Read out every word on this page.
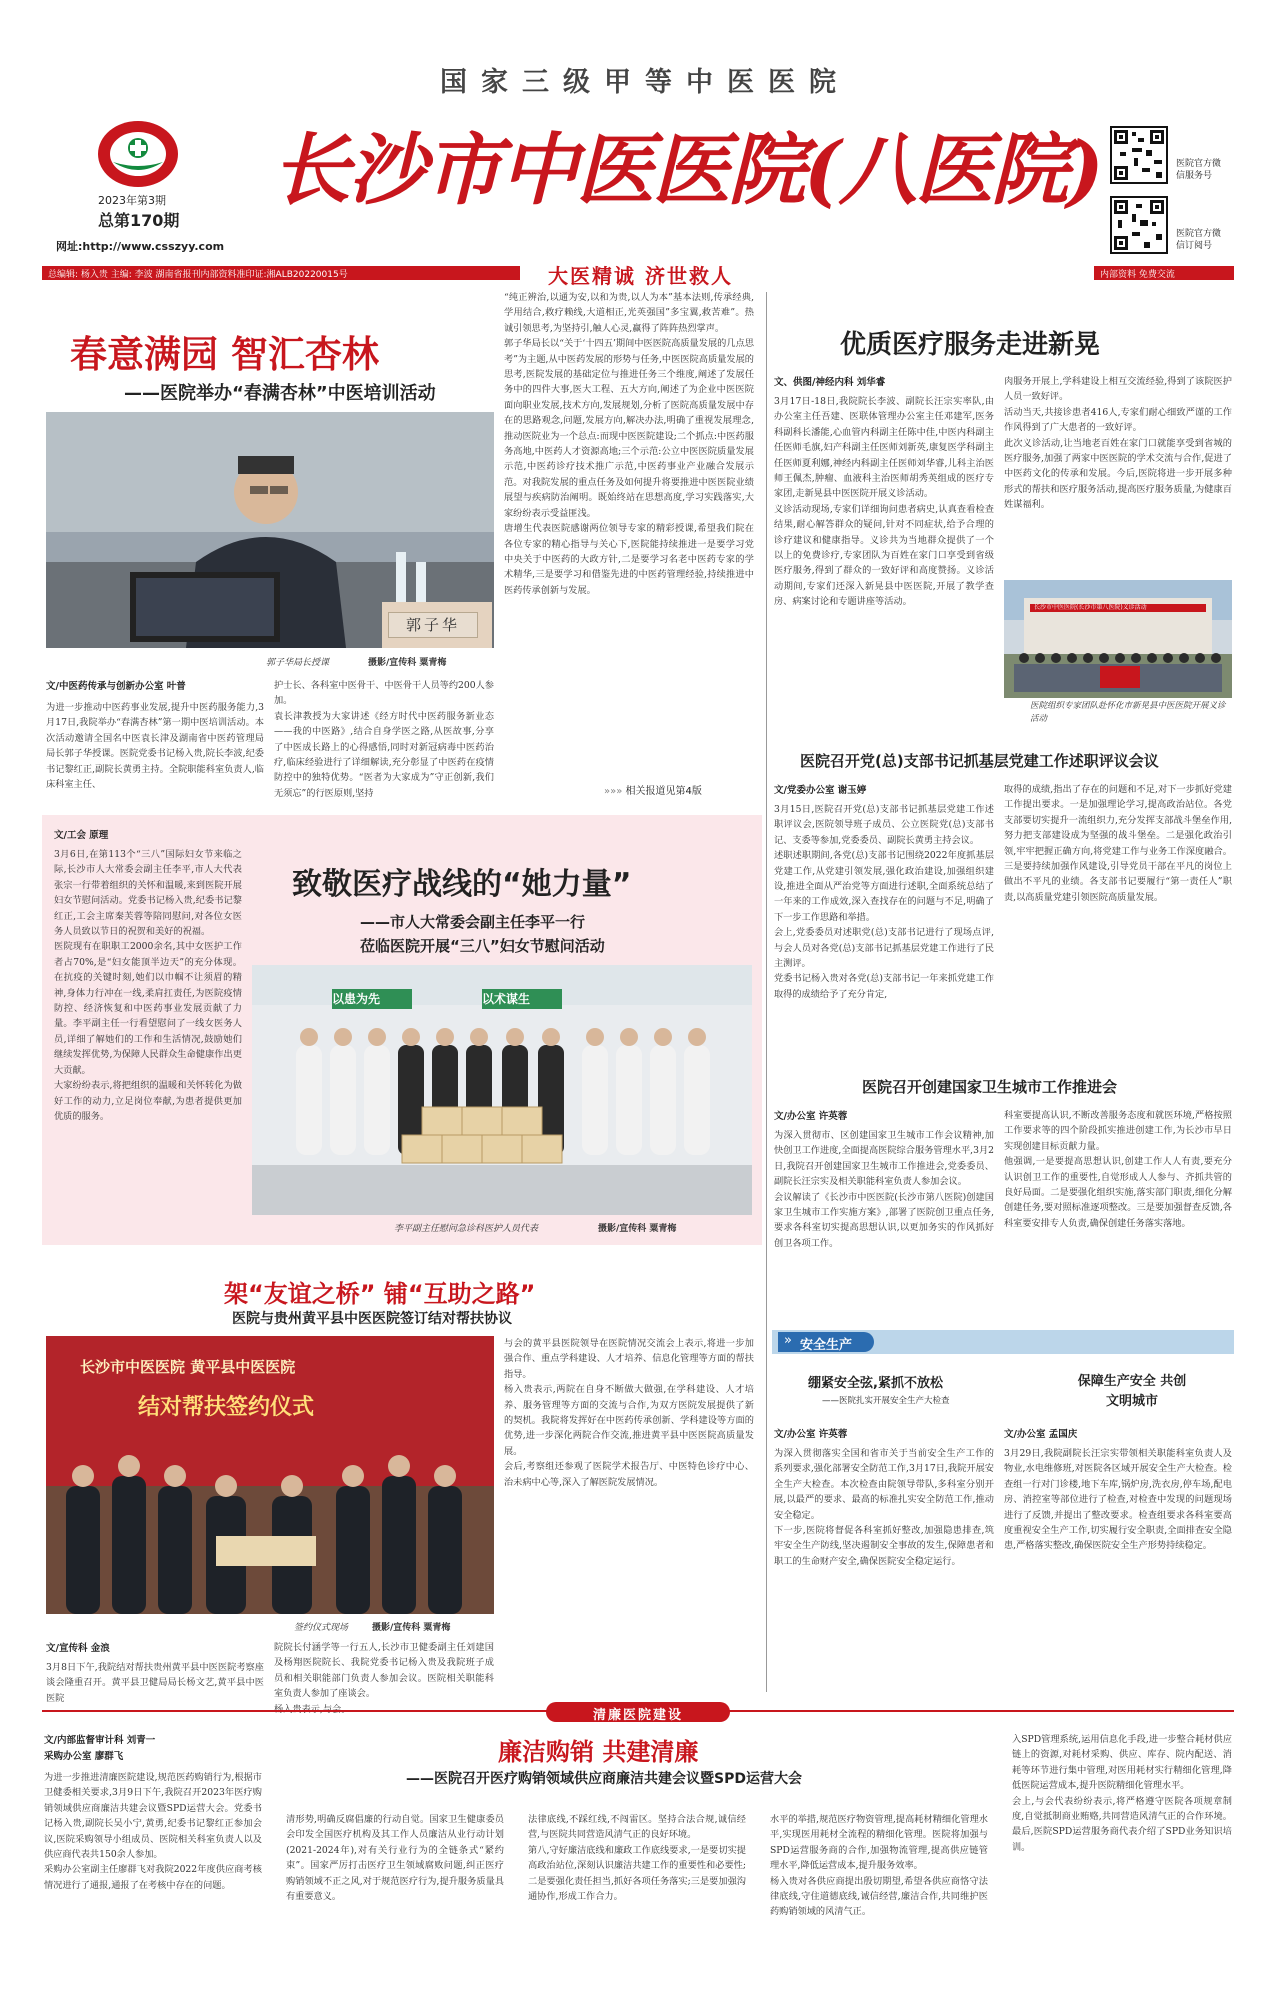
国家三级甲等中医医院
2023年第3期
总第170期
网址:http://www.csszyy.com
长沙市中医医院(八医院)
大医精诚 济世救人
医院官方微信服务号
医院官方微信订阅号
总编辑: 杨入贵 主编: 李波 湖南省报刊内部资料准印证:湘ALB20220015号	内部资料 免费交流
春意满园 智汇杏林
——医院举办“春满杏林”中医培训活动
郭子华
郭子华局长授课	摄影/宣传科 粟青梅
文/中医药传承与创新办公室 叶普
为进一步推动中医药事业发展,提升中医药服务能力,3月17日,我院举办“春满杏林”第一期中医培训活动。本次活动邀请全国名中医袁长津及湖南省中医药管理局局长郭子华授课。医院党委书记杨入贵,院长李波,纪委书记黎红正,副院长黄勇主持。全院职能科室负责人,临床科室主任、
护士长、各科室中医骨干、中医骨干人员等约200人参加。
袁长津教授为大家讲述《经方时代中医药服务新业态——我的中医路》,结合自身学医之路,从医故事,分享了中医成长路上的心得感悟,同时对新冠病毒中医药治疗,临床经验进行了详细解读,充分彰显了中医药在疫情防控中的独特优势。“医者为大家成为”守正创新,我们无须忘”的行医原则,坚持
“纯正辨治,以通为安,以和为贵,以人为本”基本法则,传承经典,学用结合,救疗赖线,大道相正,光英强国”多宝翼,救苦难”。热诚引领思考,为坚持引,触人心灵,赢得了阵阵热烈掌声。
郭子华局长以“关于‘十四五’期间中医医院高质量发展的几点思考”为主题,从中医药发展的形势与任务,中医医院高质量发展的思考,医院发展的基础定位与推进任务三个维度,阐述了发展任务中的四件大事,医大工程、五大方向,阐述了为企业中医医院面向职业发展,技术方向,发展规划,分析了医院高质量发展中存在的思路观念,问题,发展方向,解决办法,明确了重视发展理念,推动医院业为一个总点:而现中医医院建设;二个抓点:中医药服务高地,中医药人才资源高地;三个示范:公立中医医院质量发展示范,中医药诊疗技术推广示范,中医药事业产业融合发展示范。对我院发展的重点任务及如何提升将要推进中医医院业绩展望与疾病防治阐明。既始终站在思想高度,学习实践落实,大家纷纷表示受益匪浅。
唐增生代表医院感谢两位领导专家的精彩授课,希望我们院在各位专家的精心指导与关心下,医院能持续推进一是要学习党中央关于中医药的大政方针,二是要学习名老中医药专家的学术精华,三是要学习和借鉴先进的中医药管理经验,持续推进中医药传承创新与发展。
»»» 相关报道见第4版
优质医疗服务走进新晃
文、供图/神经内科 刘华睿
3月17日-18日,我院院长李波、副院长汪宗实率队,由办公室主任吾建、医联体管理办公室主任邓建军,医务科副科长潘能,心血管内科副主任陈中佳,中医内科副主任医师毛旗,妇产科副主任医师刘新英,康复医学科副主任医师夏利娜,神经内科副主任医师刘华睿,儿科主治医师王佩杰,肿瘤、血液科主治医师胡秀英组成的医疗专家团,走新晃县中医医院开展义诊活动。
义诊活动现场,专家们详细询问患者病史,认真查看检查结果,耐心解答群众的疑问,针对不同症状,给予合理的诊疗建议和健康指导。义诊共为当地群众提供了一个以上的免费诊疗,专家团队为百姓在家门口享受到省级医疗服务,得到了群众的一致好评和高度赞扬。义诊活动期间,专家们还深入新晃县中医医院,开展了教学查房、病案讨论和专题讲座等活动。
肉服务开展上,学科建设上相互交流经验,得到了该院医护人员一致好评。
活动当天,共接诊患者416人,专家们耐心细致严谨的工作作风得到了广大患者的一致好评。
此次义诊活动,让当地老百姓在家门口就能享受到省城的医疗服务,加强了两家中医医院的学术交流与合作,促进了中医药文化的传承和发展。今后,医院将进一步开展多种形式的帮扶和医疗服务活动,提高医疗服务质量,为健康百姓谋福利。
长沙市中医医院(长沙市第八医院)义诊活动
医院组织专家团队赴怀化市新晃县中医医院开展义诊活动
医院召开党(总)支部书记抓基层党建工作述职评议会议
文/党委办公室 谢玉婷
3月15日,医院召开党(总)支部书记抓基层党建工作述职评议会,医院领导班子成员、公立医院党(总)支部书记、支委等参加,党委委员、副院长黄勇主持会议。
述职述职期间,各党(总)支部书记围绕2022年度抓基层党建工作,从党建引领发展,强化政治建设,加强组织建设,推进全面从严治党等方面进行述职,全面系统总结了一年来的工作成效,深入查找存在的问题与不足,明确了下一步工作思路和举措。
会上,党委委员对述职党(总)支部书记进行了现场点评,与会人员对各党(总)支部书记抓基层党建工作进行了民主测评。
党委书记杨入贵对各党(总)支部书记一年来抓党建工作取得的成绩给予了充分肯定,
取得的成绩,指出了存在的问题和不足,对下一步抓好党建工作提出要求。一是加强理论学习,提高政治站位。各党支部要切实提升一流组织力,充分发挥支部战斗堡垒作用,努力把支部建设成为坚强的战斗堡垒。二是强化政治引领,牢牢把握正确方向,将党建工作与业务工作深度融合。三是要持续加强作风建设,引导党员干部在平凡的岗位上做出不平凡的业绩。各支部书记要履行“第一责任人”职责,以高质量党建引领医院高质量发展。
文/工会 原理
3月6日,在第113个“三八”国际妇女节来临之际,长沙市人大常委会副主任李平,市人大代表张宗一行带着组织的关怀和温暖,来到医院开展妇女节慰问活动。党委书记杨入贵,纪委书记黎红正,工会主席秦芙蓉等陪同慰问,对各位女医务人员致以节日的祝贺和美好的祝福。
医院现有在职职工2000余名,其中女医护工作者占70%,是“妇女能顶半边天”的充分体现。在抗疫的关键时刻,她们以巾帼不让须眉的精神,身体力行冲在一线,柔肩扛责任,为医院疫情防控、经济恢复和中医药事业发展贡献了力量。李平副主任一行看望慰问了一线女医务人员,详细了解她们的工作和生活情况,鼓励她们继续发挥优势,为保障人民群众生命健康作出更大贡献。
大家纷纷表示,将把组织的温暖和关怀转化为做好工作的动力,立足岗位奉献,为患者提供更加优质的服务。
致敬医疗战线的“她力量”
——市人大常委会副主任李平一行
莅临医院开展“三八”妇女节慰问活动
以患为先	以术谋生
李平副主任慰问急诊科医护人员代表	摄影/宣传科 粟青梅
医院召开创建国家卫生城市工作推进会
文/办公室 许英蓉
为深入贯彻市、区创建国家卫生城市工作会议精神,加快创卫工作进度,全面提高医院综合服务管理水平,3月2日,我院召开创建国家卫生城市工作推进会,党委委员、副院长汪宗实及相关职能科室负责人参加会议。
会议解读了《长沙市中医医院(长沙市第八医院)创建国家卫生城市工作实施方案》,部署了医院创卫重点任务,要求各科室切实提高思想认识,以更加务实的作风抓好创卫各项工作。
科室要提高认识,不断改善服务态度和就医环境,严格按照工作要求等的四个阶段抓实推进创建工作,为长沙市早日实现创建目标贡献力量。
他强调,一是要提高思想认识,创建工作人人有责,要充分认识创卫工作的重要性,自觉形成人人参与、齐抓共管的良好局面。二是要强化组织实施,落实部门职责,细化分解创建任务,要对照标准逐项整改。三是要加强督查反馈,各科室要安排专人负责,确保创建任务落实落地。
架“友谊之桥” 铺“互助之路”
医院与贵州黄平县中医医院签订结对帮扶协议
长沙市中医医院 黄平县中医医院
结对帮扶签约仪式
签约仪式现场	摄影/宣传科 粟青梅
文/宣传科 金浪
3月8日下午,我院结对帮扶贵州黄平县中医医院考察座谈会隆重召开。黄平县卫健局局长杨文艺,黄平县中医医院
院院长付涵学等一行五人,长沙市卫健委副主任刘建国及杨翔医院院长、我院党委书记杨入贵及我院班子成员和相关职能部门负责人参加会议。医院相关职能科室负责人参加了座谈会。

与会的黄平县医院领导在医院情况交流会上表示,将进一步加强合作、重点学科建设、人才培养、信息化管理等方面的帮扶指导。
杨入贵表示,两院在自身不断做大做强,在学科建设、人才培养、服务管理等方面的交流与合作,为双方医院发展提供了新的契机。我院将发挥好在中医药传承创新、学科建设等方面的优势,进一步深化两院合作交流,推进黄平县中医医院高质量发展。
会后,考察组还参观了医院学术报告厅、中医特色诊疗中心、治未病中心等,深入了解医院发展情况。
» 安全生产
绷紧安全弦,紧抓不放松
——医院扎实开展安全生产大检查
文/办公室 许英蓉
为深入贯彻落实全国和省市关于当前安全生产工作的系列要求,强化部署安全防范工作,3月17日,我院开展安全生产大检查。本次检查由院领导带队,多科室分别开展,以最严的要求、最高的标准扎实安全防范工作,推动安全稳定。
下一步,医院将督促各科室抓好整改,加强隐患排查,筑牢安全生产防线,坚决遏制安全事故的发生,保障患者和职工的生命财产安全,确保医院安全稳定运行。
保障生产安全 共创文明城市
文/办公室 孟国庆
3月29日,我院副院长汪宗实带领相关职能科室负责人及物业,水电维修班,对医院各区域开展安全生产大检查。检查组一行对门诊楼,地下车库,锅炉房,洗衣房,停车场,配电房、消控室等部位进行了检查,对检查中发现的问题现场进行了反馈,并提出了整改要求。检查组要求各科室要高度重视安全生产工作,切实履行安全职责,全面排查安全隐患,严格落实整改,确保医院安全生产形势持续稳定。
清廉医院建设
文/内部监督审计科 刘青一
采购办公室 廖群飞	廉洁购销 共建清廉
——医院召开医疗购销领域供应商廉洁共建会议暨SPD运营大会
为进一步推进清廉医院建设,规范医药购销行为,根据市卫健委相关要求,3月9日下午,我院召开2023年医疗购销领域供应商廉洁共建会议暨SPD运营大会。党委书记杨入贵,副院长吴小宁,黄勇,纪委书记黎红正参加会议,医院采购领导小组成员、医院相关科室负责人以及供应商代表共150余人参加。
采购办公室副主任廖群飞对我院2022年度供应商考核情况进行了通报,通报了在考核中存在的问题。
清形势,明确反腐倡廉的行动自觉。国家卫生健康委员会印发全国医疗机构及其工作人员廉洁从业行动计划(2021-2024年),对有关行业行为的全链条式“紧约束”。国家严厉打击医疗卫生领域腐败问题,纠正医疗购销领域不正之风,对于规范医疗行为,提升服务质量具有重要意义。
法律底线,不踩红线,不闯雷区。坚持合法合规,诚信经营,与医院共同营造风清气正的良好环境。
第八,守好廉洁底线和廉政工作底线要求,一是要切实提高政治站位,深刻认识廉洁共建工作的重要性和必要性;二是要强化责任担当,抓好各项任务落实;三是要加强沟通协作,形成工作合力。
水平的举措,规范医疗物资管理,提高耗材精细化管理水平,实现医用耗材全流程的精细化管理。医院将加强与SPD运营服务商的合作,加强物流管理,提高供应链管理水平,降低运营成本,提升服务效率。
杨入贵对各供应商提出殷切期望,希望各供应商恪守法律底线,守住道德底线,诚信经营,廉洁合作,共同维护医药购销领域的风清气正。
入SPD管理系统,运用信息化手段,进一步整合耗材供应链上的资源,对耗材采购、供应、库存、院内配送、消耗等环节进行集中管理,对医用耗材实行精细化管理,降低医院运营成本,提升医院精细化管理水平。
会上,与会代表纷纷表示,将严格遵守医院各项规章制度,自觉抵制商业贿赂,共同营造风清气正的合作环境。最后,医院SPD运营服务商代表介绍了SPD业务知识培训。
